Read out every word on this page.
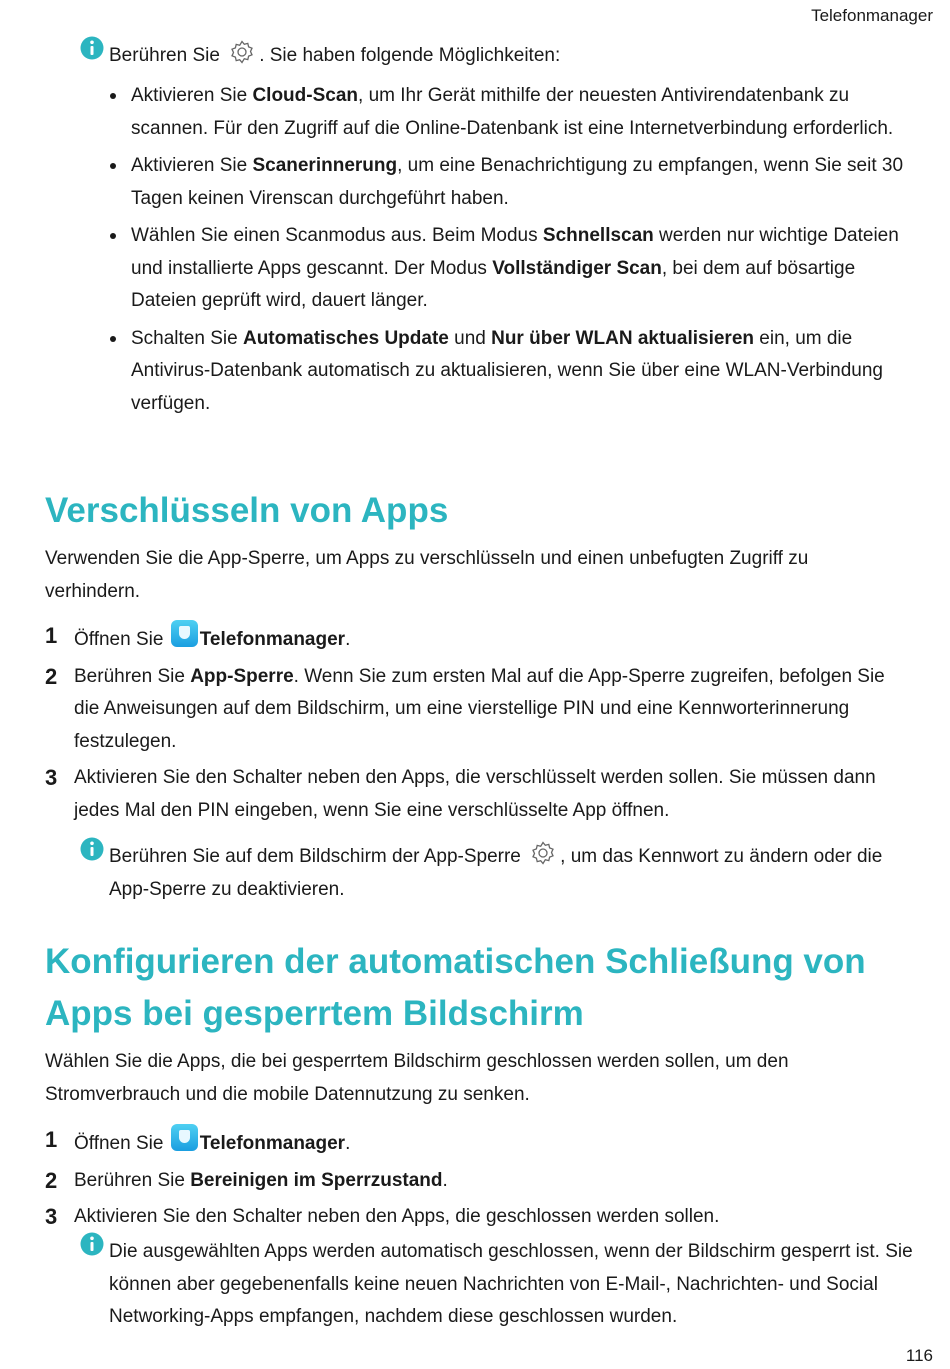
Telefonmanager

Berühren Sie . Sie haben folgende Möglichkeiten:

Aktivieren Sie Cloud-Scan, um Ihr Gerät mithilfe der neuesten Antivirendatenbank zu scannen. Für den Zugriff auf die Online-Datenbank ist eine Internetverbindung erforderlich.
Aktivieren Sie Scanerinnerung, um eine Benachrichtigung zu empfangen, wenn Sie seit 30 Tagen keinen Virenscan durchgeführt haben.
Wählen Sie einen Scanmodus aus. Beim Modus Schnellscan werden nur wichtige Dateien und installierte Apps gescannt. Der Modus Vollständiger Scan, bei dem auf bösartige Dateien geprüft wird, dauert länger.
Schalten Sie Automatisches Update und Nur über WLAN aktualisieren ein, um die Antivirus-Datenbank automatisch zu aktualisieren, wenn Sie über eine WLAN-Verbindung verfügen.
Verschlüsseln von Apps

Verwenden Sie die App-Sperre, um Apps zu verschlüsseln und einen unbefugten Zugriff zu verhindern.

1 Öffnen Sie Telefonmanager.
2 Berühren Sie App-Sperre. Wenn Sie zum ersten Mal auf die App-Sperre zugreifen, befolgen Sie die Anweisungen auf dem Bildschirm, um eine vierstellige PIN und eine Kennworterinnerung festzulegen.
3 Aktivieren Sie den Schalter neben den Apps, die verschlüsselt werden sollen. Sie müssen dann jedes Mal den PIN eingeben, wenn Sie eine verschlüsselte App öffnen.

Berühren Sie auf dem Bildschirm der App-Sperre , um das Kennwort zu ändern oder die App-Sperre zu deaktivieren.

Konfigurieren der automatischen Schließung von
Apps bei gesperrtem Bildschirm

Wählen Sie die Apps, die bei gesperrtem Bildschirm geschlossen werden sollen, um den Stromverbrauch und die mobile Datennutzung zu senken.

1 Öffnen Sie Telefonmanager.
2 Berühren Sie Bereinigen im Sperrzustand.
3 Aktivieren Sie den Schalter neben den Apps, die geschlossen werden sollen.

Die ausgewählten Apps werden automatisch geschlossen, wenn der Bildschirm gesperrt ist. Sie können aber gegebenenfalls keine neuen Nachrichten von E-Mail-, Nachrichten- und Social Networking-Apps empfangen, nachdem diese geschlossen wurden.

116
